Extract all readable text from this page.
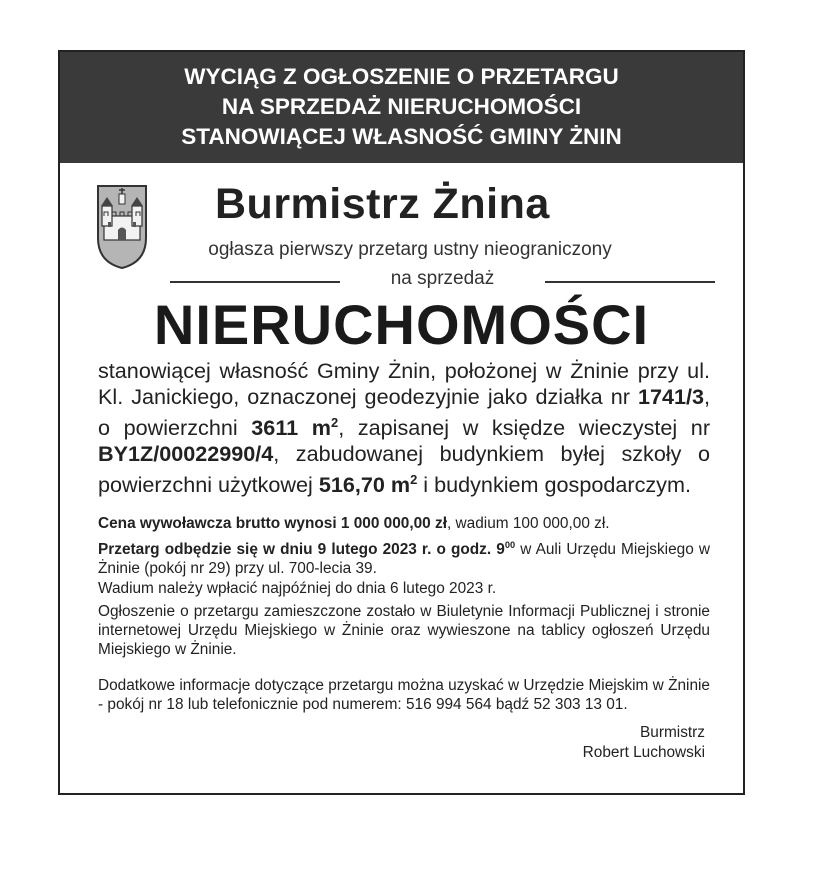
WYCIĄG Z OGŁOSZENIE O PRZETARGU
NA SPRZEDAŻ NIERUCHOMOŚCI
STANOWIĄCEJ WŁASNOŚĆ GMINY ŻNIN
Burmistrz Żnina
ogłasza pierwszy przetarg ustny nieograniczony
na sprzedaż
NIERUCHOMOŚCI
stanowiącej własność Gminy Żnin, położonej w Żninie przy ul. Kl. Janickiego, oznaczonej geodezyjnie jako działka nr 1741/3, o powierzchni 3611 $m^2$, zapisanej w księdze wieczystej nr BY1Z/00022990/4, zabudowanej budynkiem byłej szkoły o powierzchni użytkowej 516,70 $m^2$ i budynkiem gospodarczym.
Cena wywoławcza brutto wynosi 1 000 000,00 zł, wadium 100 000,00 zł.
Przetarg odbędzie się w dniu 9 lutego 2023 r. o godz. $9^{00}$ w Auli Urzędu Miejskiego w Żninie (pokój nr 29) przy ul. 700-lecia 39.
Wadium należy wpłacić najpóźniej do dnia 6 lutego 2023 r.
Ogłoszenie o przetargu zamieszczone zostało w Biuletynie Informacji Publicznej i stronie internetowej Urzędu Miejskiego w Żninie oraz wywieszone na tablicy ogłoszeń Urzędu Miejskiego w Żninie.
Dodatkowe informacje dotyczące przetargu można uzyskać w Urzędzie Miejskim w Żninie - pokój nr 18 lub telefonicznie pod numerem: 516 994 564 bądź 52 303 13 01.
Burmistrz
Robert Luchowski
